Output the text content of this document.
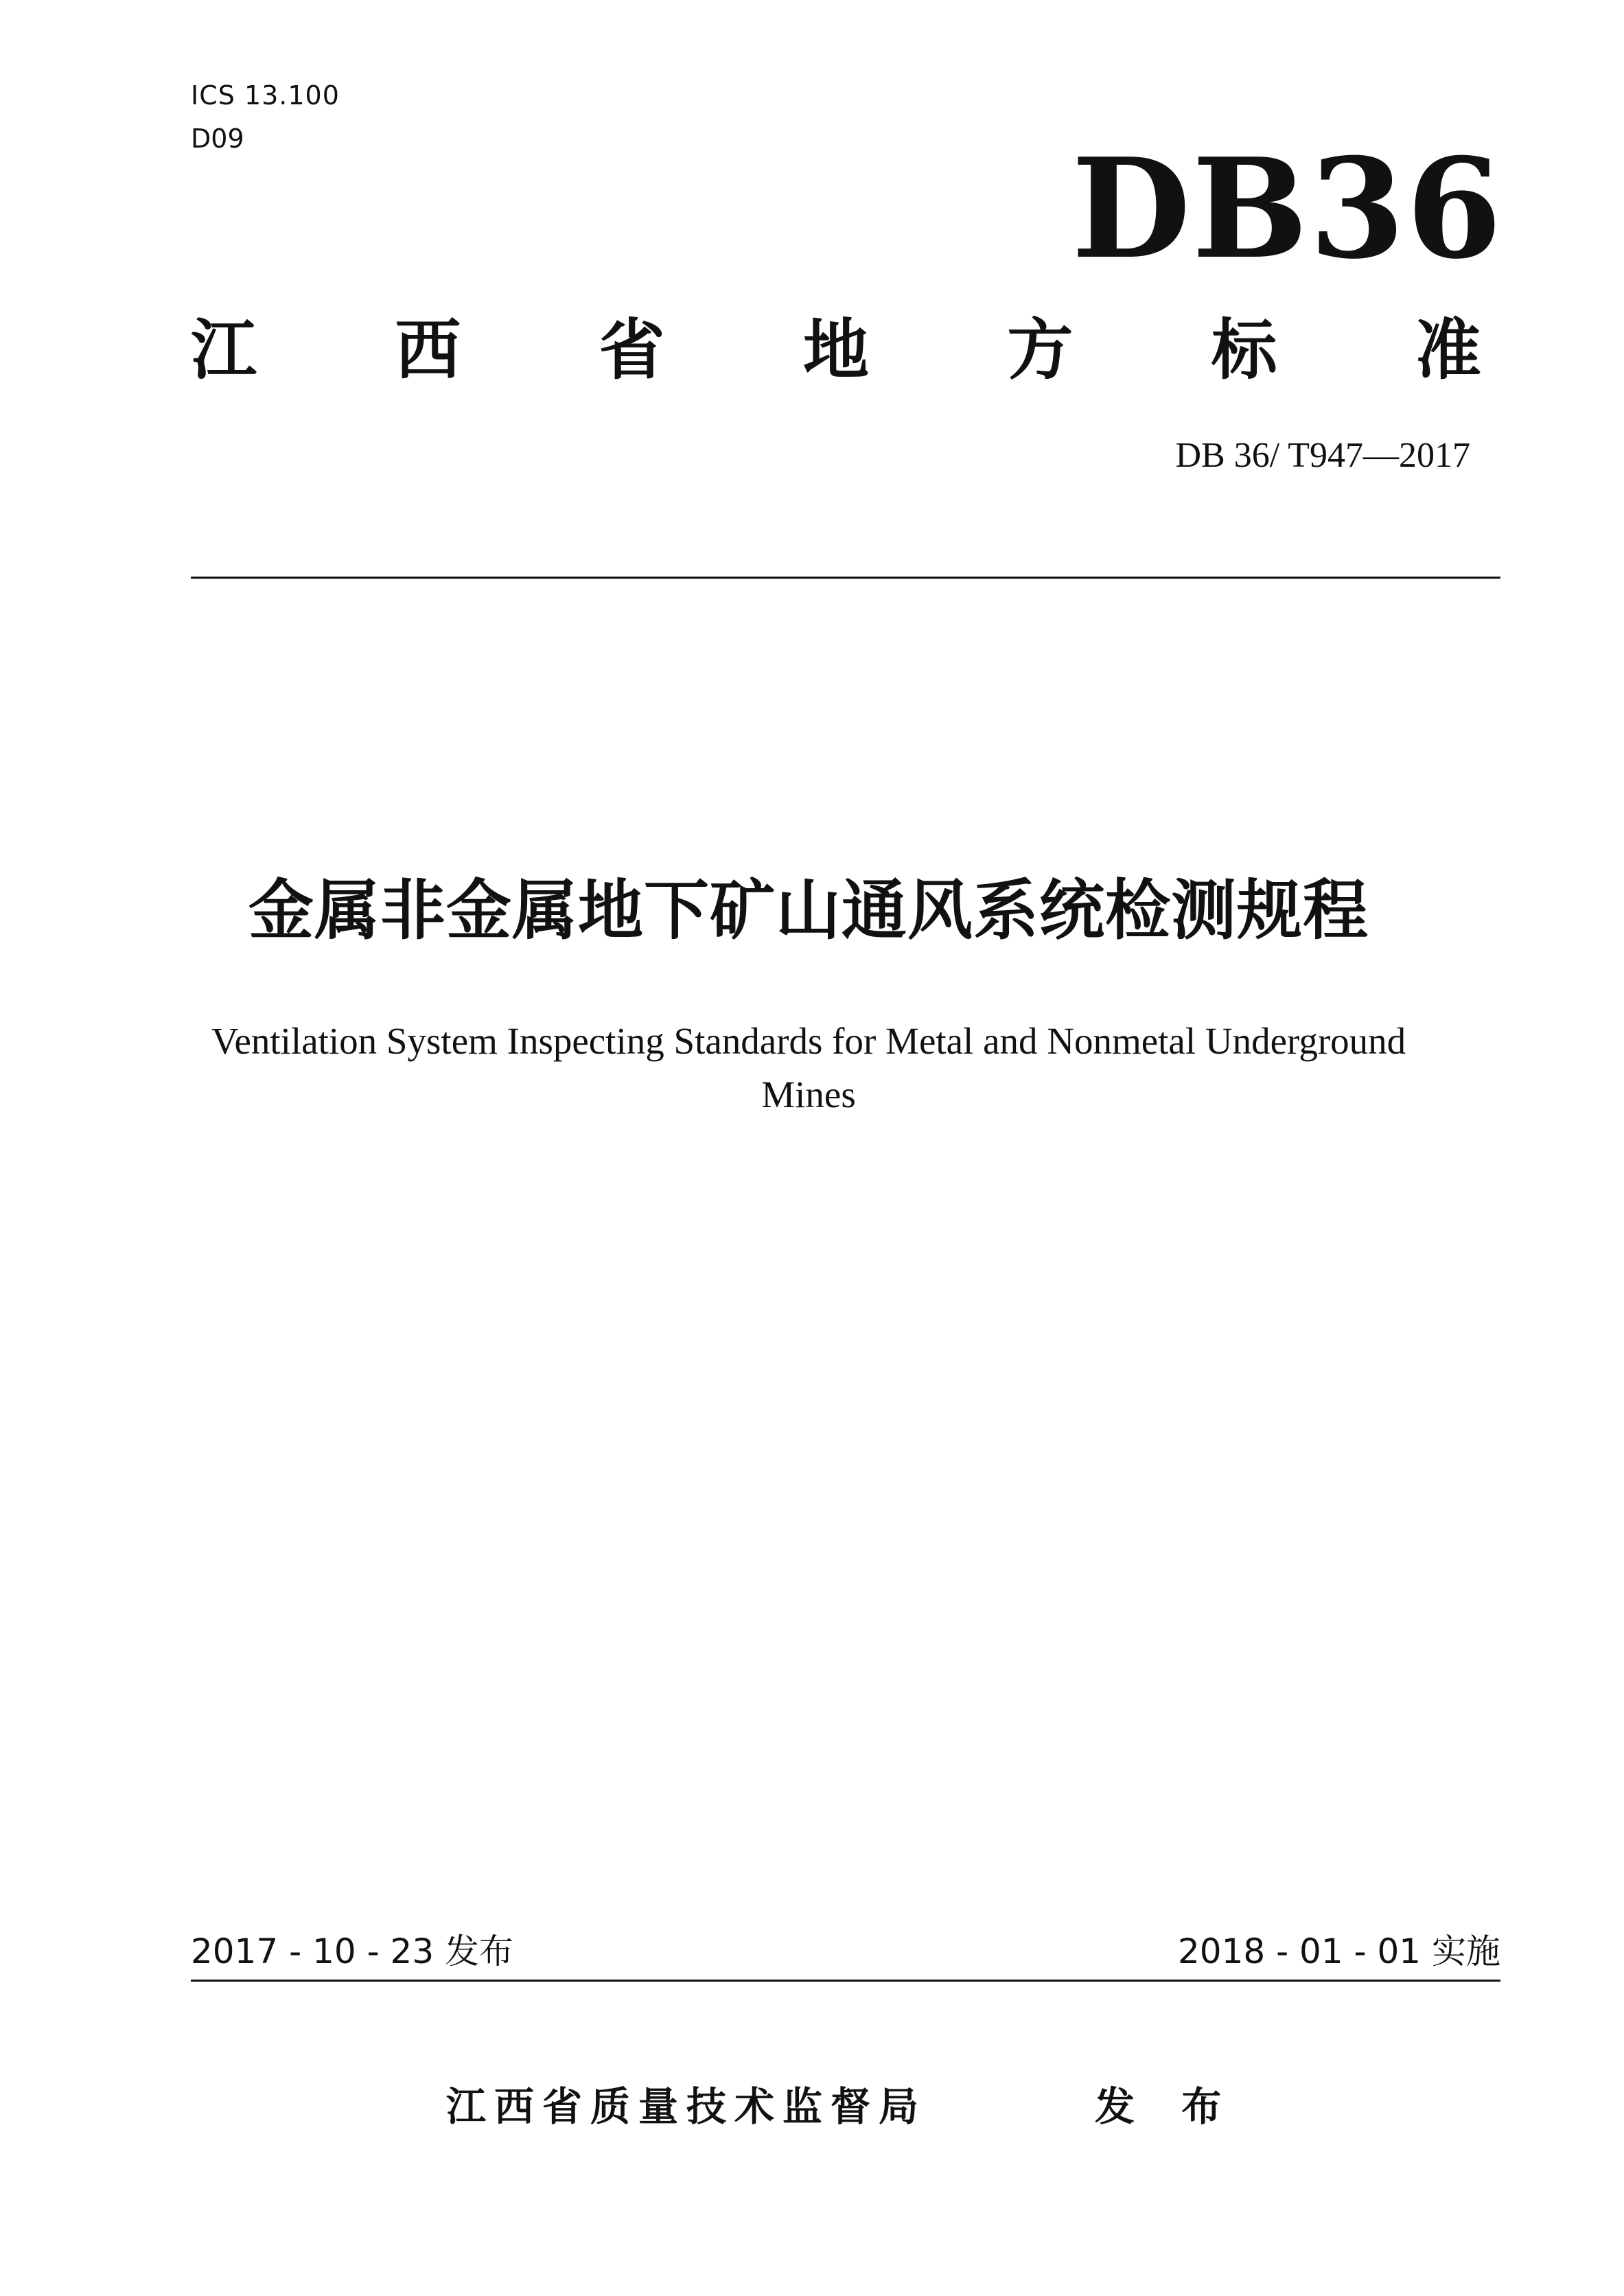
ICS 13.100
D09	DB36
江 西 省 地 方 标 准
DB 36/ T947—2017
金属非金属地下矿山通风系统检测规程
Ventilation System Inspecting Standards for Metal and Nonmetal Underground
Mines
2017 - 10 - 23 发布	2018 - 01 - 01 实施
江西省质量技术监督局	发 布
